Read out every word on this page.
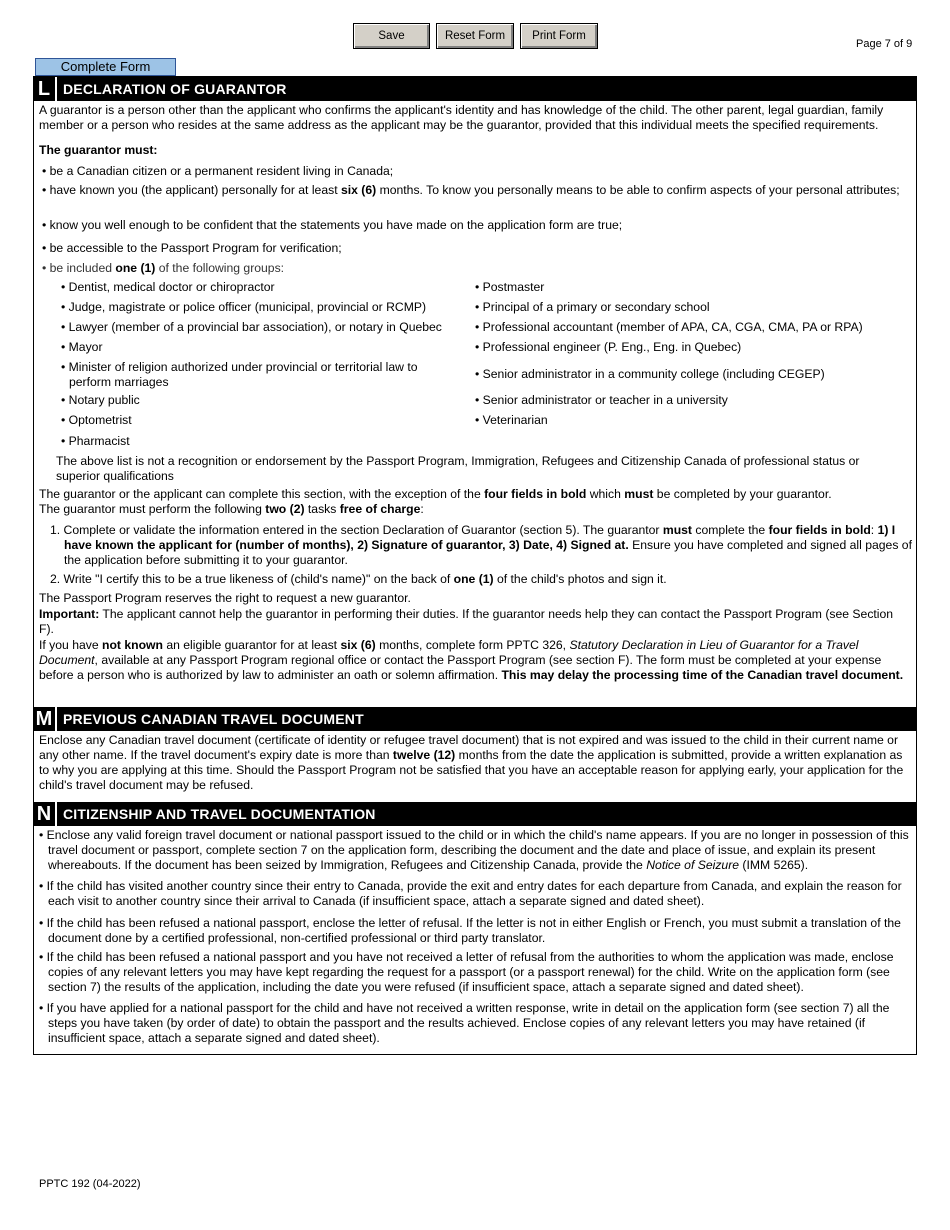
Save	Reset Form	Print Form
Page 7 of 9
Complete Form
L DECLARATION OF GUARANTOR
A guarantor is a person other than the applicant who confirms the applicant's identity and has knowledge of the child. The other parent, legal guardian, family member or a person who resides at the same address as the applicant may be the guarantor, provided that this individual meets the specified requirements.
The guarantor must:
• be a Canadian citizen or a permanent resident living in Canada;
• have known you (the applicant) personally for at least six (6) months. To know you personally means to be able to confirm aspects of your personal attributes;
• know you well enough to be confident that the statements you have made on the application form are true;
• be accessible to the Passport Program for verification;
• be included one (1) of the following groups:
• Dentist, medical doctor or chiropractor
• Judge, magistrate or police officer (municipal, provincial or RCMP)
• Lawyer (member of a provincial bar association), or notary in Quebec
• Mayor
• Minister of religion authorized under provincial or territorial law to perform marriages
• Notary public
• Optometrist
• Pharmacist
• Postmaster
• Principal of a primary or secondary school
• Professional accountant (member of APA, CA, CGA, CMA, PA or RPA)
• Professional engineer (P. Eng., Eng. in Quebec)
• Senior administrator in a community college (including CEGEP)
• Senior administrator or teacher in a university
• Veterinarian
The above list is not a recognition or endorsement by the Passport Program, Immigration, Refugees and Citizenship Canada of professional status or superior qualifications
The guarantor or the applicant can complete this section, with the exception of the four fields in bold which must be completed by your guarantor.
The guarantor must perform the following two (2) tasks free of charge:
1. Complete or validate the information entered in the section Declaration of Guarantor (section 5). The guarantor must complete the four fields in bold: 1) I have known the applicant for (number of months), 2) Signature of guarantor, 3) Date, 4) Signed at. Ensure you have completed and signed all pages of the application before submitting it to your guarantor.
2. Write "I certify this to be a true likeness of (child's name)" on the back of one (1) of the child's photos and sign it.
The Passport Program reserves the right to request a new guarantor.
Important: The applicant cannot help the guarantor in performing their duties. If the guarantor needs help they can contact the Passport Program (see Section F).
If you have not known an eligible guarantor for at least six (6) months, complete form PPTC 326, Statutory Declaration in Lieu of Guarantor for a Travel Document, available at any Passport Program regional office or contact the Passport Program (see section F). The form must be completed at your expense before a person who is authorized by law to administer an oath or solemn affirmation. This may delay the processing time of the Canadian travel document.
M PREVIOUS CANADIAN TRAVEL DOCUMENT
Enclose any Canadian travel document (certificate of identity or refugee travel document) that is not expired and was issued to the child in their current name or any other name. If the travel document's expiry date is more than twelve (12) months from the date the application is submitted, provide a written explanation as to why you are applying at this time. Should the Passport Program not be satisfied that you have an acceptable reason for applying early, your application for the child's travel document may be refused.
N CITIZENSHIP AND TRAVEL DOCUMENTATION
• Enclose any valid foreign travel document or national passport issued to the child or in which the child's name appears. If you are no longer in possession of this travel document or passport, complete section 7 on the application form, describing the document and the date and place of issue, and explain its present whereabouts. If the document has been seized by Immigration, Refugees and Citizenship Canada, provide the Notice of Seizure (IMM 5265).
• If the child has visited another country since their entry to Canada, provide the exit and entry dates for each departure from Canada, and explain the reason for each visit to another country since their arrival to Canada (if insufficient space, attach a separate signed and dated sheet).
• If the child has been refused a national passport, enclose the letter of refusal. If the letter is not in either English or French, you must submit a translation of the document done by a certified professional, non-certified professional or third party translator.
• If the child has been refused a national passport and you have not received a letter of refusal from the authorities to whom the application was made, enclose copies of any relevant letters you may have kept regarding the request for a passport (or a passport renewal) for the child. Write on the application form (see section 7) the results of the application, including the date you were refused (if insufficient space, attach a separate signed and dated sheet).
• If you have applied for a national passport for the child and have not received a written response, write in detail on the application form (see section 7) all the steps you have taken (by order of date) to obtain the passport and the results achieved. Enclose copies of any relevant letters you may have retained (if insufficient space, attach a separate signed and dated sheet).
PPTC 192 (04-2022)
